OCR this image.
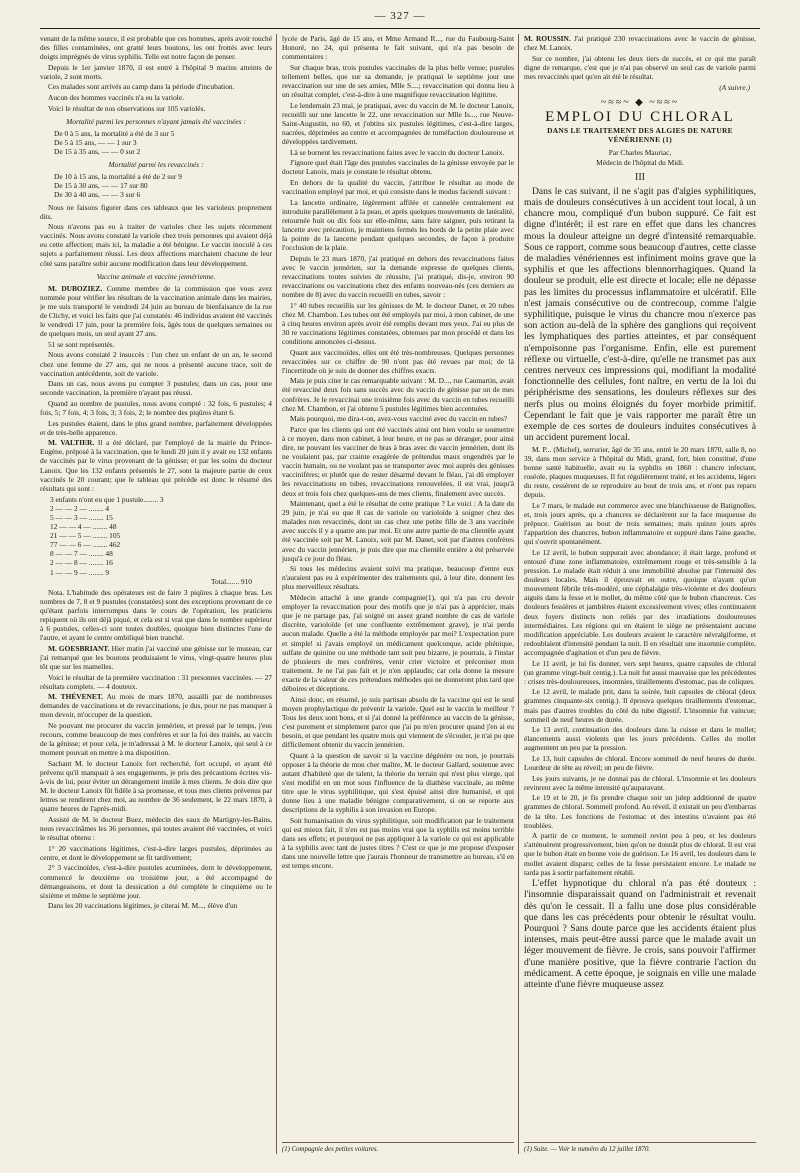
— 327 —

venant de la même source, il est probable que ces hommes, après avoir touché des filles contaminées, ont gratté leurs boutons, les ont frottés avec leurs doigts imprégnés de virus syphilis. Telle est notre façon de penser.

Depuis le 1er janvier 1870, il est entré à l'hôpital 9 marins atteints de variole, 2 sont morts.

Ces malades sont arrivés au camp dans la période d'incubation.

Aucun des hommes vaccinés n'a eu la variole.

Voici le résultat de nos observations sur 105 variolés.

Mortalité parmi les personnes n'ayant jamais été vaccinées :

De 0 à 5 ans, la mortalité a été de 3 sur 5
De 5 à 15 ans, — — 1 sur 3
De 15 à 35 ans, — — 0 sur 2

Mortalité parmi les revaccinés :

De 10 à 15 ans, la mortalité a été de 2 sur 9
De 15 à 30 ans, — — 17 sur 80
De 30 à 40 ans, — — 3 sur 6

Nous ne faisons figurer dans ces tableaux que les varioleux proprement dits.

Nous n'avons pas eu à traiter de varioles chez les sujets récemment vaccinés. Nous avons constaté la variole chez trois personnes qui avaient déjà eu cette affection; mais ici, la maladie a été bénigne. Le vaccin inoculé à ces sujets a parfaitement réussi. Les deux affections marchaient chacune de leur côté sans paraître subir aucune modification dans leur développement.

Vaccine animale et vaccine jennérienne.

M. DUBOZIEZ. Comme membre de la commission que vous avez nommée pour vérifier les résultats de la vaccination animale dans les mairies, je me suis transporté le vendredi 24 juin au bureau de bienfaisance de la rue de Clichy, et voici les faits que j'ai constatés: 46 individus avaient été vaccinés le vendredi 17 juin, pour la première fois, âgés tous de quelques semaines ou de quelques mois, un seul ayant 27 ans.

51 se sont représentés.

Nous avons constaté 2 insuccès : l'un chez un enfant de un an, le second chez une femme de 27 ans, qui ne nous a présenté aucune trace, soit de vaccination antécédente, soit de variole.

Dans un cas, nous avons pu compter 3 pustules; dans un cas, pour une seconde vaccination, la première n'ayant pas réussi.

Quand au nombre de pustules, nous avons compté : 32 fois, 6 pustules; 4 fois, 5; 7 fois, 4; 3 fois, 3; 3 fois, 2; le nombre des piqûres étant 6.

Les pustules étaient, dans le plus grand nombre, parfaitement développées et de très-belle apparence.

M. VALTIER. Il a été déclaré, par l'employé de la mairie du Prince-Eugène, préposé à la vaccination, que le lundi 20 juin il y avait eu 132 enfants de vaccinés par le virus provenant de la génisse; et par les soins du docteur Lanoix. Que les 132 enfants présentés le 27, sont la majeure partie de ceux vaccinés le 20 courant; que le tableau qui précède est donc le résumé des résultats qui sont :

3 enfants n'ont eu que 1 pustule........ 3
2 — — 2 — ........ 4
5 — — 3 — ........ 15
12 — — 4 — ........ 48
21 — — 5 — ........ 105
77 — — 6 — ........ 462
8 — — 7 — ........ 48
2 — — 8 — ........ 16
1 — — 9 — ........ 9
Total....... 910

Nota. L'habitude des opérateurs est de faire 3 piqûres à chaque bras. Les nombres de 7, 8 et 9 pustules (constatées) sont des exceptions provenant de ce qu'étant parfois interrompus dans le cours de l'opération, les praticiens repiquent où ils ont déjà piqué, et cela est si vrai que dans le nombre supérieur à 6 pustules, celles-ci sont toutes doubles, quoique bien distinctes l'une de l'autre, et ayant le centre ombiliqué bien tranché.

M. GOESBRIANT. Hier matin j'ai vacciné une génisse sur le museau, car j'ai remarqué que les boutons produisaient le virus, vingt-quatre heures plus tôt que sur les mamelles.

Voici le résultat de la première vaccination : 31 personnes vaccinées. — 27 résultats complets. — 4 douteux.

M. THÉVENET. Au mois de mars 1870, assailli par de nombreuses demandes de vaccinations et de revaccinations, je dus, pour ne pas manquer à mon devoir, m'occuper de la question.

Ne pouvant me procurer du vaccin jennérien, et pressé par le temps, j'eus recours, comme beaucoup de mes confrères et sur la foi des traités, au vaccin de la génisse; et pour cela, je m'adressai à M. le docteur Lanoix, qui seul à ce moment pouvait en mettre à ma disposition.

Sachant M. le docteur Lanoix fort recherché, fort occupé, et ayant été prévenu qu'il manquait à ses engagements, je pris des précautions écrites vis-à-vis de lui, pour éviter un dérangement inutile à mes clients. Je dois dire que M. le docteur Lanoix fût fidèle à sa promesse, et tous mes clients prévenus par lettres se rendirent chez moi, au nombre de 36 seulement, le 22 mars 1870, à quatre heures de l'après-midi.

Assisté de M. le docteur Buez, médecin des eaux de Martigny-les-Bains, nous revaccinâmes les 36 personnes, qui toutes avaient été vaccinées, et voici le résultat obtenu :

1° 20 vaccinations légitimes, c'est-à-dire larges pustules, déprimées au centre, et dont le développement se fit tardivement;

2° 3 vaccinoïdes, c'est-à-dire pustules acuminées, dont le développement, commencé le deuxième ou troisième jour, a été accompagné de démangeaisons, et dont la dessication a été complète le cinquième ou le sixième et même le septième jour.

Dans les 20 vaccinations légitimes, je citerai M. M..., élève d'un

lycée de Paris, âgé de 15 ans, et Mme Armand R..., rue du Faubourg-Saint Honoré, no 24, qui présenta le fait suivant, qui n'a pas besoin de commentaires :

Sur chaque bras, trois pustules vaccinales de la plus belle venue; pustules tellement belles, que sur sa demande, je pratiquai le septième jour une revaccination sur une de ses amies, Mlle S....; revaccination qui donna lieu à un résultat complet, c'est-à-dire à une magnifique revaccination légitime.

Le lendemain 23 mai, je pratiquai, avec du vaccin de M. le docteur Lanoix, recueilli sur une lancette le 22, une revaccination sur Mlle Is..., rue Neuve-Saint-Augustin, no 60, et j'obtins six pustules légitimes, c'est-à-dire larges, nacrées, déprimées au centre et accompagnées de tuméfaction douloureuse et développées tardivement.

Là se bornent les revaccinations faites avec le vaccin du docteur Lanoix.

J'ignore quel était l'âge des pustules vaccinales de la génisse envoyée par le docteur Lanoix, mais je constate le résultat obtenu.

En dehors de la qualité du vaccin, j'attribue le résultat au mode de vaccination employé par moi, et qui consiste dans le modus faciendi suivant :

La lancette ordinaire, légèrement affilée et cannelée centralement est introduite parallèlement à la peau, et après quelques mouvements de latéralité, retournée huit ou dix fois sur elle-même, sans faire saigner, puis retirant la lancette avec précaution, je maintiens fermés les bords de la petite plaie avec la pointe de la lancette pendant quelques secondes, de façon à produire l'occlusion de la plaie.

Depuis le 23 mars 1870, j'ai pratiqué en dehors des revaccinations faites avec le vaccin jennérien, sur la demande expresse de quelques clients, revaccinations toutes suivies de réussite, j'ai pratiqué, dis-je, environ 90 revaccinations ou vaccinations chez des enfants nouveau-nés (ces derniers au nombre de 8) avec du vaccin recueilli en tubes, savoir :

1° 40 tubes recueillis sur les génisses de M. le docteur Danet, et 20 tubes chez M. Chambon. Les tubes ont été employés par moi, à mon cabinet, de une à cinq heures environ après avoir été remplis devant mes yeux. J'ai eu plus de 30 re vaccinations légitimes constatées, obtenues par mon procédé et dans les conditions annoncées ci-dessus.

Quant aux vaccinoïdes, elles ont été très-nombreuses. Quelques personnes revaccinées sur ce chiffre de 90 n'ont pas été revues par moi; de là l'incertitude où je suis de donner des chiffres exacts.

Mais je puis citer le cas remarquable suivant : M. D..., rue Caumartin, avait été revacciné deux fois sans succès avec du vaccin de génisse par un de mes confrères. Je le revaccinai une troisième fois avec du vaccin en tubes recueilli chez M. Chambon, et j'ai obtenu 5 pustules légitimes bien accentuées.

Mais pourquoi, me dira-t-on, avez-vous vacciné avec du vaccin en tubes?

Parce que les clients qui ont été vaccinés ainsi ont bien voulu se soumettre à ce moyen, dans mon cabinet, à leur heure, et ne pas se déranger, pour ainsi dire, ne pouvant les vacciner de bras à bras avec du vaccin jennérien, dont ils ne voulaient pas, par crainte exagérée de prétendus maux engendrés par le vaccin humain, ou ne voulant pas se transporter avec moi auprès des génisses vaccinifères; et plutôt que de rester désarmé devant le fléau, j'ai dû employer les revaccinations en tubes, revaccinations renouvelées, il est vrai, jusqu'à deux et trois fois chez quelques-uns de mes clients, finalement avec succès.

Maintenant, quel a été le résultat de cette pratique ? Le voici : A la date du 29 juin, je n'ai eu que 8 cas de variole ou varioloïde à soigner chez des malades non revaccinés, dont un cas chez une petite fille de 3 ans vaccinée avec succès il y a quatre ans par moi. Et une autre partie de ma clientèle ayant été vaccinée soit par M. Lanoix, soit par M. Danet, soit par d'autres confrères avec du vaccin jennérien, je puis dire que ma clientèle entière a été préservée jusqu'à ce jour du fléau.

Si tous les médecins avaient suivi ma pratique, beaucoup d'entre eux n'auraient pas eu à expérimenter des traitements qui, à leur dire, donnent les plus merveilleux résultats.

Médecin attaché à une grande compagnie(1), qui n'a pas cru devoir employer la revaccination pour des motifs que je n'ai pas à apprécier, mais que je ne partage pas, j'ai soigné un assez grand nombre de cas de variole discrète, varioloïde (et une confluente extrêmement grave), je n'ai perdu aucun malade. Quelle a été la méthode employée par moi? L'expectation pure et simple! si j'avais employé un médicament quelconque, acide phénique, sulfate de quinine ou une méthode tant soit peu bizarre, je pourrais, à l'instar de plusieurs de mes confrères, venir crier victoire et préconiser mon traitement. Je ne l'ai pas fait et je n'en applaudis; car cela donne la mesure exacte de la valeur de ces prétendues méthodes qui ne donneront plus tard que déboires et déceptions.

Ainsi donc, en résumé, je suis partisan absolu de la vaccine qui est le seul moyen prophylactique de prévenir la variole. Quel est le vaccin le meilleur ? Tous les deux sont bons, et si j'ai donné la préférence au vaccin de la génisse, c'est purement et simplement parce que j'ai pu m'en procurer quand j'en ai eu besoin, et que pendant les quatre mois qui viennent de s'écouler, je n'ai pu que difficilement obtenir du vaccin jennérien.

Quant à la question de savoir si la vaccine dégénère ou non, je pourrais opposer à la théorie de mon cher maître, M. le docteur Gallard, soutenue avec autant d'habileté que de talent, la théorie du terrain qui n'est plus vierge, qui s'est modifié en un mot sous l'influence de la diathèse vaccinale, au même titre que le virus syphilitique, qui s'est épuisé ainsi dire humanisé, et qui donne lieu à une maladie bénigne comparativement, si on se reporte aux descriptions de la syphilis à son invasion en Europe.

Soit humanisation du virus syphilitique, soit modification par le traitement qui est mieux fait, il n'en est pas moins vrai que la syphilis est moins terrible dans ses effets; et pourquoi ne pas appliquer à la variole ce qui est applicable à la syphilis avec tant de justes titres ? C'est ce que je me propose d'exposer dans une nouvelle lettre que j'aurais l'honneur de transmettre au bureau, s'il en est temps encore.

(1) Compagnie des petites voitures.

M. ROUSSIN. J'ai pratiqué 230 revaccinations avec le vaccin de génisse, chez M. Lanoix.

Sur ce nombre, j'ai obtenu les deux tiers de succès, et ce qui me paraît digne de remarque, c'est que je n'ai pas observé un seul cas de variole parmi mes revaccinés quel qu'en ait été le résultat.

(A suivre.)

~≈≈~ ◆ ~≈≈~
EMPLOI DU CHLORAL
DANS LE TRAITEMENT DES ALGIES DE NATURE VÉNÉRIENNE (1)
Par Charles Mauriac,
Médecin de l'hôpital du Midi.
III

Dans le cas suivant, il ne s'agit pas d'algies syphilitiques, mais de douleurs consécutives à un accident tout local, à un chancre mou, compliqué d'un bubon suppuré. Ce fait est digne d'intérêt; il est rare en effet que dans les chancres mous la douleur atteigne un degré d'intensité remarquable. Sous ce rapport, comme sous beaucoup d'autres, cette classe de maladies vénériennes est infiniment moins grave que la syphilis et que les affections blennorrhagiques. Quand la douleur se produit, elle est directe et locale; elle ne dépasse pas les limites du processus inflammatoire et ulcératif. Elle n'est jamais consécutive ou de contrecoup, comme l'algie syphilitique, puisque le virus du chancre mou n'exerce pas son action au-delà de la sphère des ganglions qui reçoivent les lymphatiques des parties atteintes, et par conséquent n'empoisonne pas l'organisme. Enfin, elle est purement réflexe ou virtuelle, c'est-à-dire, qu'elle ne transmet pas aux centres nerveux ces impressions qui, modifiant la modalité fonctionnelle des cellules, font naître, en vertu de la loi du périphérisme des sensations, les douleurs réflexes sur des nerfs plus ou moins éloignés du foyer morbide primitif. Cependant le fait que je vais rapporter me paraît être un exemple de ces sortes de douleurs induites consécutives à un accident purement local.

M. P... (Michel), serrurier, âgé de 35 ans, entré le 20 mars 1870, salle 8, no 39, dans mon service à l'hôpital du Midi, grand, fort, bien constitué, d'une bonne santé habituelle, avait eu la syphilis en 1860 : chancre infectant, roséole, plaques muqueuses. Il fut régulièrement traité, et les accidents, légers du reste, cessèrent de se reproduire au bout de trois ans, et n'ont pas reparu depuis.

Le 7 mars, le malade eut commerce avec une blanchisseuse de Batignolles, et, trois jours après, qu a chancres se déclarèrent sur la face muqueuse du prépuce. Guérison au bout de trois semaines; mais quinze jours après l'apparition des chancres, bubon inflammatoire et suppuré dans l'aine gauche, qui s'ouvrit spontanément.

Le 12 avril, le bubon suppurait avec abondance; il était large, profond et entouré d'une zone inflammatoire, extrêmement rouge et très-sensible à la pression. Le malade était réduit à une immobilité absolue par l'intensité des douleurs locales. Mais il éprouvait en outre, quoique n'ayant qu'un mouvement fébrile très-modéré, une céphalalgie très-violente et des douleurs aiguës dans la fesse et le mollet, du même côté que le bubon chancreux. Ces douleurs fessières et jambières étaient excessivement vives; elles continuaient deux foyers distincts non reliés par des irradiations douloureuses intermédiaires. Les régions qui en étaient le siège ne présentaient aucune modification appréciable. Les douleurs avaient le caractère névralgiforme, et redoublaient d'intensité pendant la nuit. Il en résultait une insomnie complète, accompagnée d'agitation et d'un peu de fièvre.

Le 11 avril, je lui fis donner, vers sept heures, quatre capsules de chloral (un gramme vingt-huit centig.). La nuit fut aussi mauvaise que les précédentes : crises très-douloureuses, insomnies, tiraillements d'estomac, pas de coliques.

Le 12 avril, le malade prit, dans la soirée, huit capsules de chloral (deux grammes cinquante-six centig.). Il éprouva quelques tiraillements d'estomac, mais pas d'autres troubles du côté du tube digestif. L'insomnie fut vaincue; sommeil de neuf heures de durée.

Le 13 avril, continuation des douleurs dans la cuisse et dans le mollet; élancements aussi violents que les jours précédents. Celles du mollet augmentent un peu par la pression.

Le 13, huit capsules de chloral. Encore sommeil de neuf heures de durée. Lourdeur de tête au réveil; un peu de fièvre.

Les jours suivants, je ne donnai pas de chloral. L'insomnie et les douleurs revinrent avec la même intensité qu'auparavant.

Le 19 et le 20, je fis prendre chaque soir un julep additionné de quatre grammes de chloral. Sommeil profond. Au réveil, il existait un peu d'embarras de la tête. Les fonctions de l'estomac et des intestins n'avaient pas été troublées.

A partir de ce moment, le sommeil revint peu à peu, et les douleurs s'atténuèrent progressivement, bien qu'on ne donnât plus de chloral. Il est vrai que le bubon était en bonne voie de guérison. Le 16 avril, les douleurs dans le mollet avaient disparu; celles de la fesse persistaient encore. Le malade ne tarda pas à sortir parfaitement rétabli.

L'effet hypnotique du chloral n'a pas été douteux : l'insomnie disparaissait quand on l'administrait et revenait dès qu'on le cessait. Il a fallu une dose plus considérable que dans les cas précédents pour obtenir le résultat voulu. Pourquoi ? Sans doute parce que les accidents étaient plus intenses, mais peut-être aussi parce que le malade avait un léger mouvement de fièvre. Je crois, sans pouvoir l'affirmer d'une manière positive, que la fièvre contrarie l'action du médicament. A cette époque, je soignais en ville une malade atteinte d'une fièvre muqueuse assez

(1) Suite. — Voir le numéro du 12 juillet 1870.
